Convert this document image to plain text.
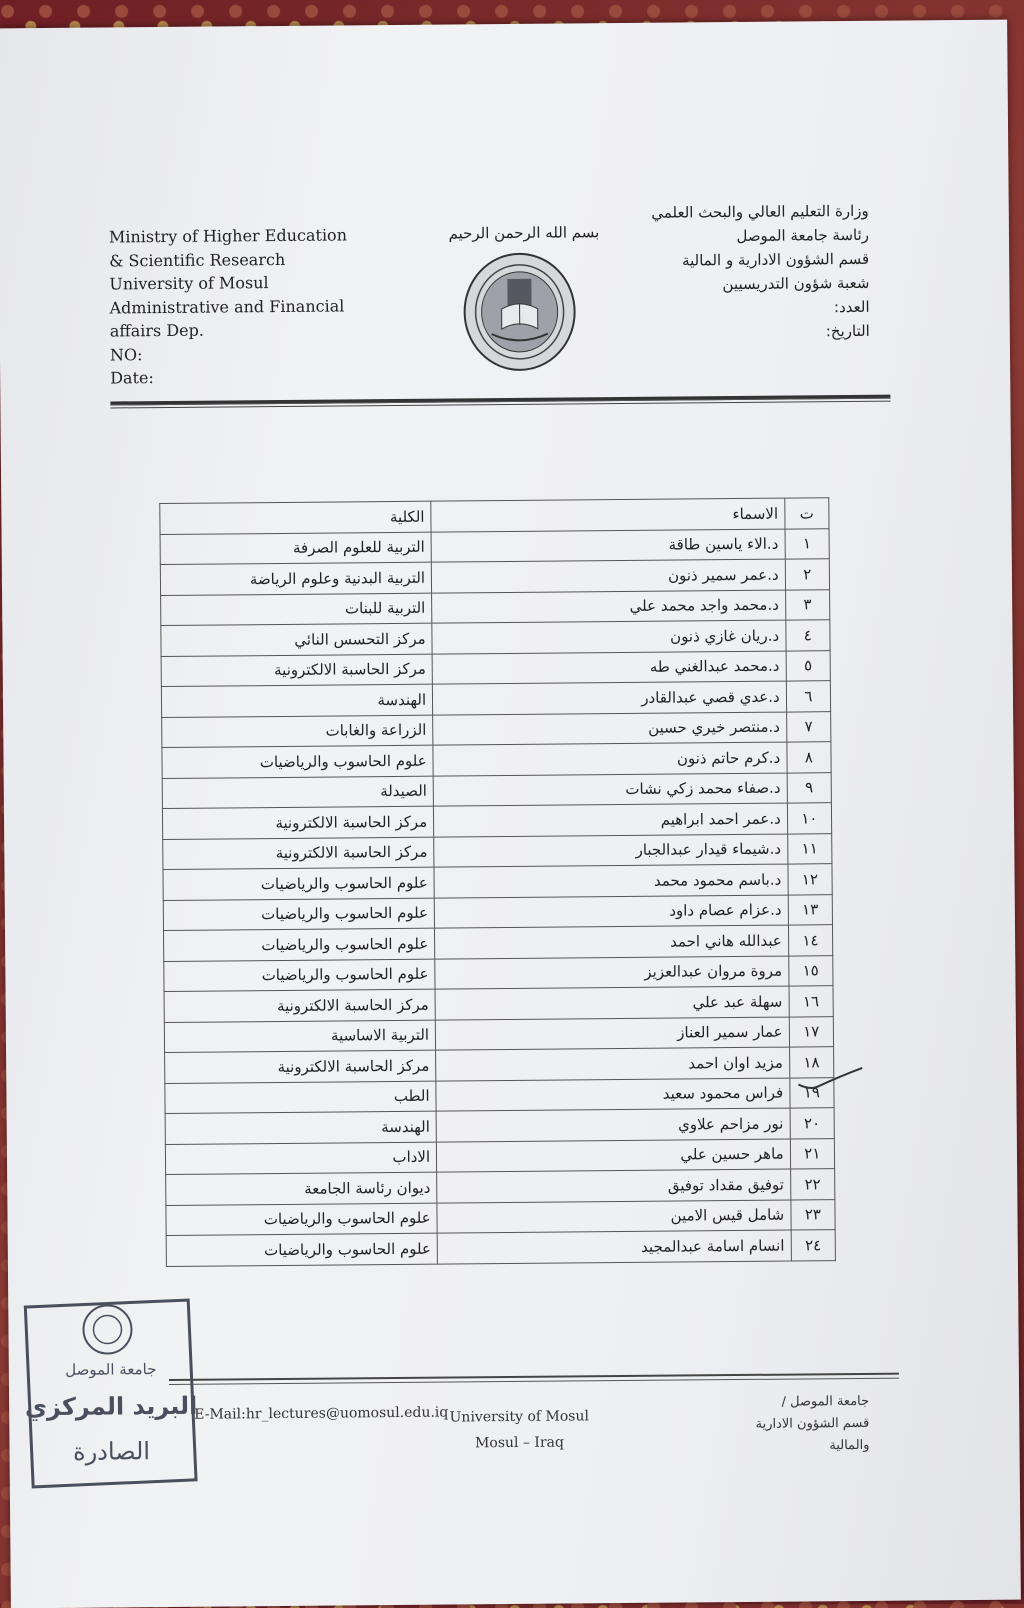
Ministry of Higher Education
& Scientific Research
University of Mosul
Administrative and Financial
affairs Dep.
NO:
Date:
بسم الله الرحمن الرحيم
وزارة التعليم العالي والبحث العلمي
رئاسة جامعة الموصل
قسم الشؤون الادارية و المالية
شعبة شؤون التدريسيين
العدد:
التاريخ:
ت	الاسماء	الكلية
١	د.الاء ياسين طاقة	التربية للعلوم الصرفة
٢	د.عمر سمير ذنون	التربية البدنية وعلوم الرياضة
٣	د.محمد واجد محمد علي	التربية للبنات
٤	د.ريان غازي ذنون	مركز التحسس النائي
٥	د.محمد عبدالغني طه	مركز الحاسبة الالكترونية
٦	د.عدي قصي عبدالقادر	الهندسة
٧	د.منتصر خيري حسين	الزراعة والغابات
٨	د.كرم حاتم ذنون	علوم الحاسوب والرياضيات
٩	د.صفاء محمد زكي نشات	الصيدلة
١٠	د.عمر احمد ابراهيم	مركز الحاسبة الالكترونية
١١	د.شيماء قيدار عبدالجبار	مركز الحاسبة الالكترونية
١٢	د.باسم محمود محمد	علوم الحاسوب والرياضيات
١٣	د.عزام عصام داود	علوم الحاسوب والرياضيات
١٤	عبدالله هاني احمد	علوم الحاسوب والرياضيات
١٥	مروة مروان عبدالعزيز	علوم الحاسوب والرياضيات
١٦	سهلة عبد علي	مركز الحاسبة الالكترونية
١٧	عمار سمير العناز	التربية الاساسية
١٨	مزيد اوان احمد	مركز الحاسبة الالكترونية
١٩	فراس محمود سعيد	الطب
٢٠	نور مزاحم علاوي	الهندسة
٢١	ماهر حسين علي	الاداب
٢٢	توفيق مقداد توفيق	ديوان رئاسة الجامعة
٢٣	شامل قيس الامين	علوم الحاسوب والرياضيات
٢٤	انسام اسامة عبدالمجيد	علوم الحاسوب والرياضيات
E-Mail:hr_lectures@uomosul.edu.iq University of Mosul
Mosul – Iraq
جامعة الموصل /
قسم الشؤون الادارية
والمالية
جامعة الموصل
البريد المركزي
الصادرة
